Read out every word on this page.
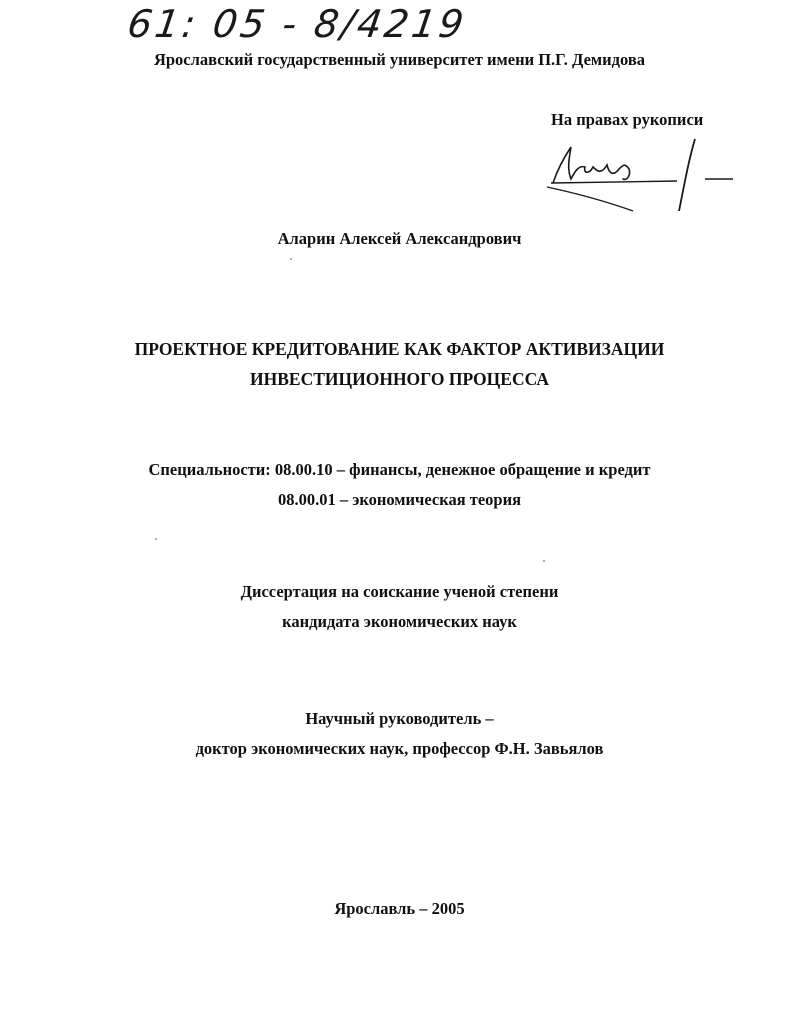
61: 05 - 8/4219
Ярославский государственный университет имени П.Г. Демидова
На правах рукописи
Аларин Алексей Александрович
ПРОЕКТНОЕ КРЕДИТОВАНИЕ КАК ФАКТОР АКТИВИЗАЦИИ
ИНВЕСТИЦИОННОГО ПРОЦЕССА
Специальности: 08.00.10 – финансы, денежное обращение и кредит
08.00.01 – экономическая теория
Диссертация на соискание ученой степени
кандидата экономических наук
Научный руководитель –
доктор экономических наук, профессор Ф.Н. Завьялов
Ярославль – 2005
